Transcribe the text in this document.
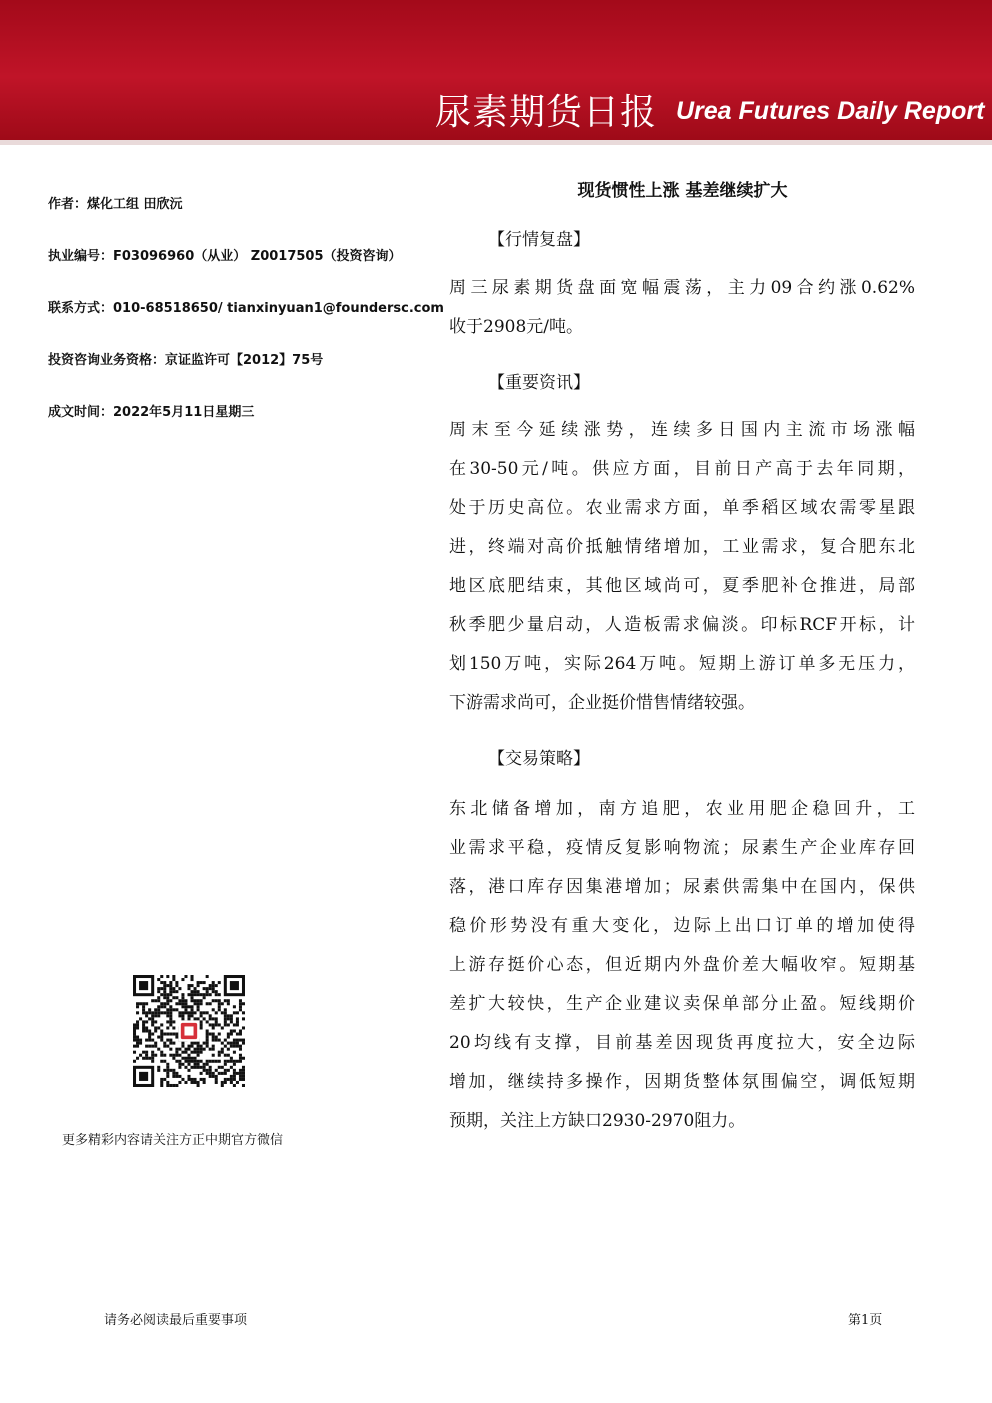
尿素期货日报 Urea Futures Daily Report
作者：煤化工组 田欣沅
执业编号：F03096960（从业） Z0017505（投资咨询）
联系方式：010-68518650/ tianxinyuan1@foundersc.com
投资咨询业务资格：京证监许可【2012】75号
成文时间：2022年5月11日星期三
更多精彩内容请关注方正中期官方微信
现货惯性上涨 基差继续扩大
【行情复盘】
周三尿素期货盘面宽幅震荡，主力09合约涨0.62%
收于2908元/吨。
【重要资讯】
周末至今延续涨势，连续多日国内主流市场涨幅
在30-50元/吨。供应方面，目前日产高于去年同期，
处于历史高位。农业需求方面，单季稻区域农需零星跟
进，终端对高价抵触情绪增加，工业需求，复合肥东北
地区底肥结束，其他区域尚可，夏季肥补仓推进，局部
秋季肥少量启动，人造板需求偏淡。印标RCF开标，计
划150万吨，实际264万吨。短期上游订单多无压力，
下游需求尚可，企业挺价惜售情绪较强。
【交易策略】
东北储备增加，南方追肥，农业用肥企稳回升，工
业需求平稳，疫情反复影响物流；尿素生产企业库存回
落，港口库存因集港增加；尿素供需集中在国内，保供
稳价形势没有重大变化，边际上出口订单的增加使得
上游存挺价心态，但近期内外盘价差大幅收窄。短期基
差扩大较快，生产企业建议卖保单部分止盈。短线期价
20均线有支撑，目前基差因现货再度拉大，安全边际
增加，继续持多操作，因期货整体氛围偏空，调低短期
预期，关注上方缺口2930-2970阻力。
请务必阅读最后重要事项	第1页
